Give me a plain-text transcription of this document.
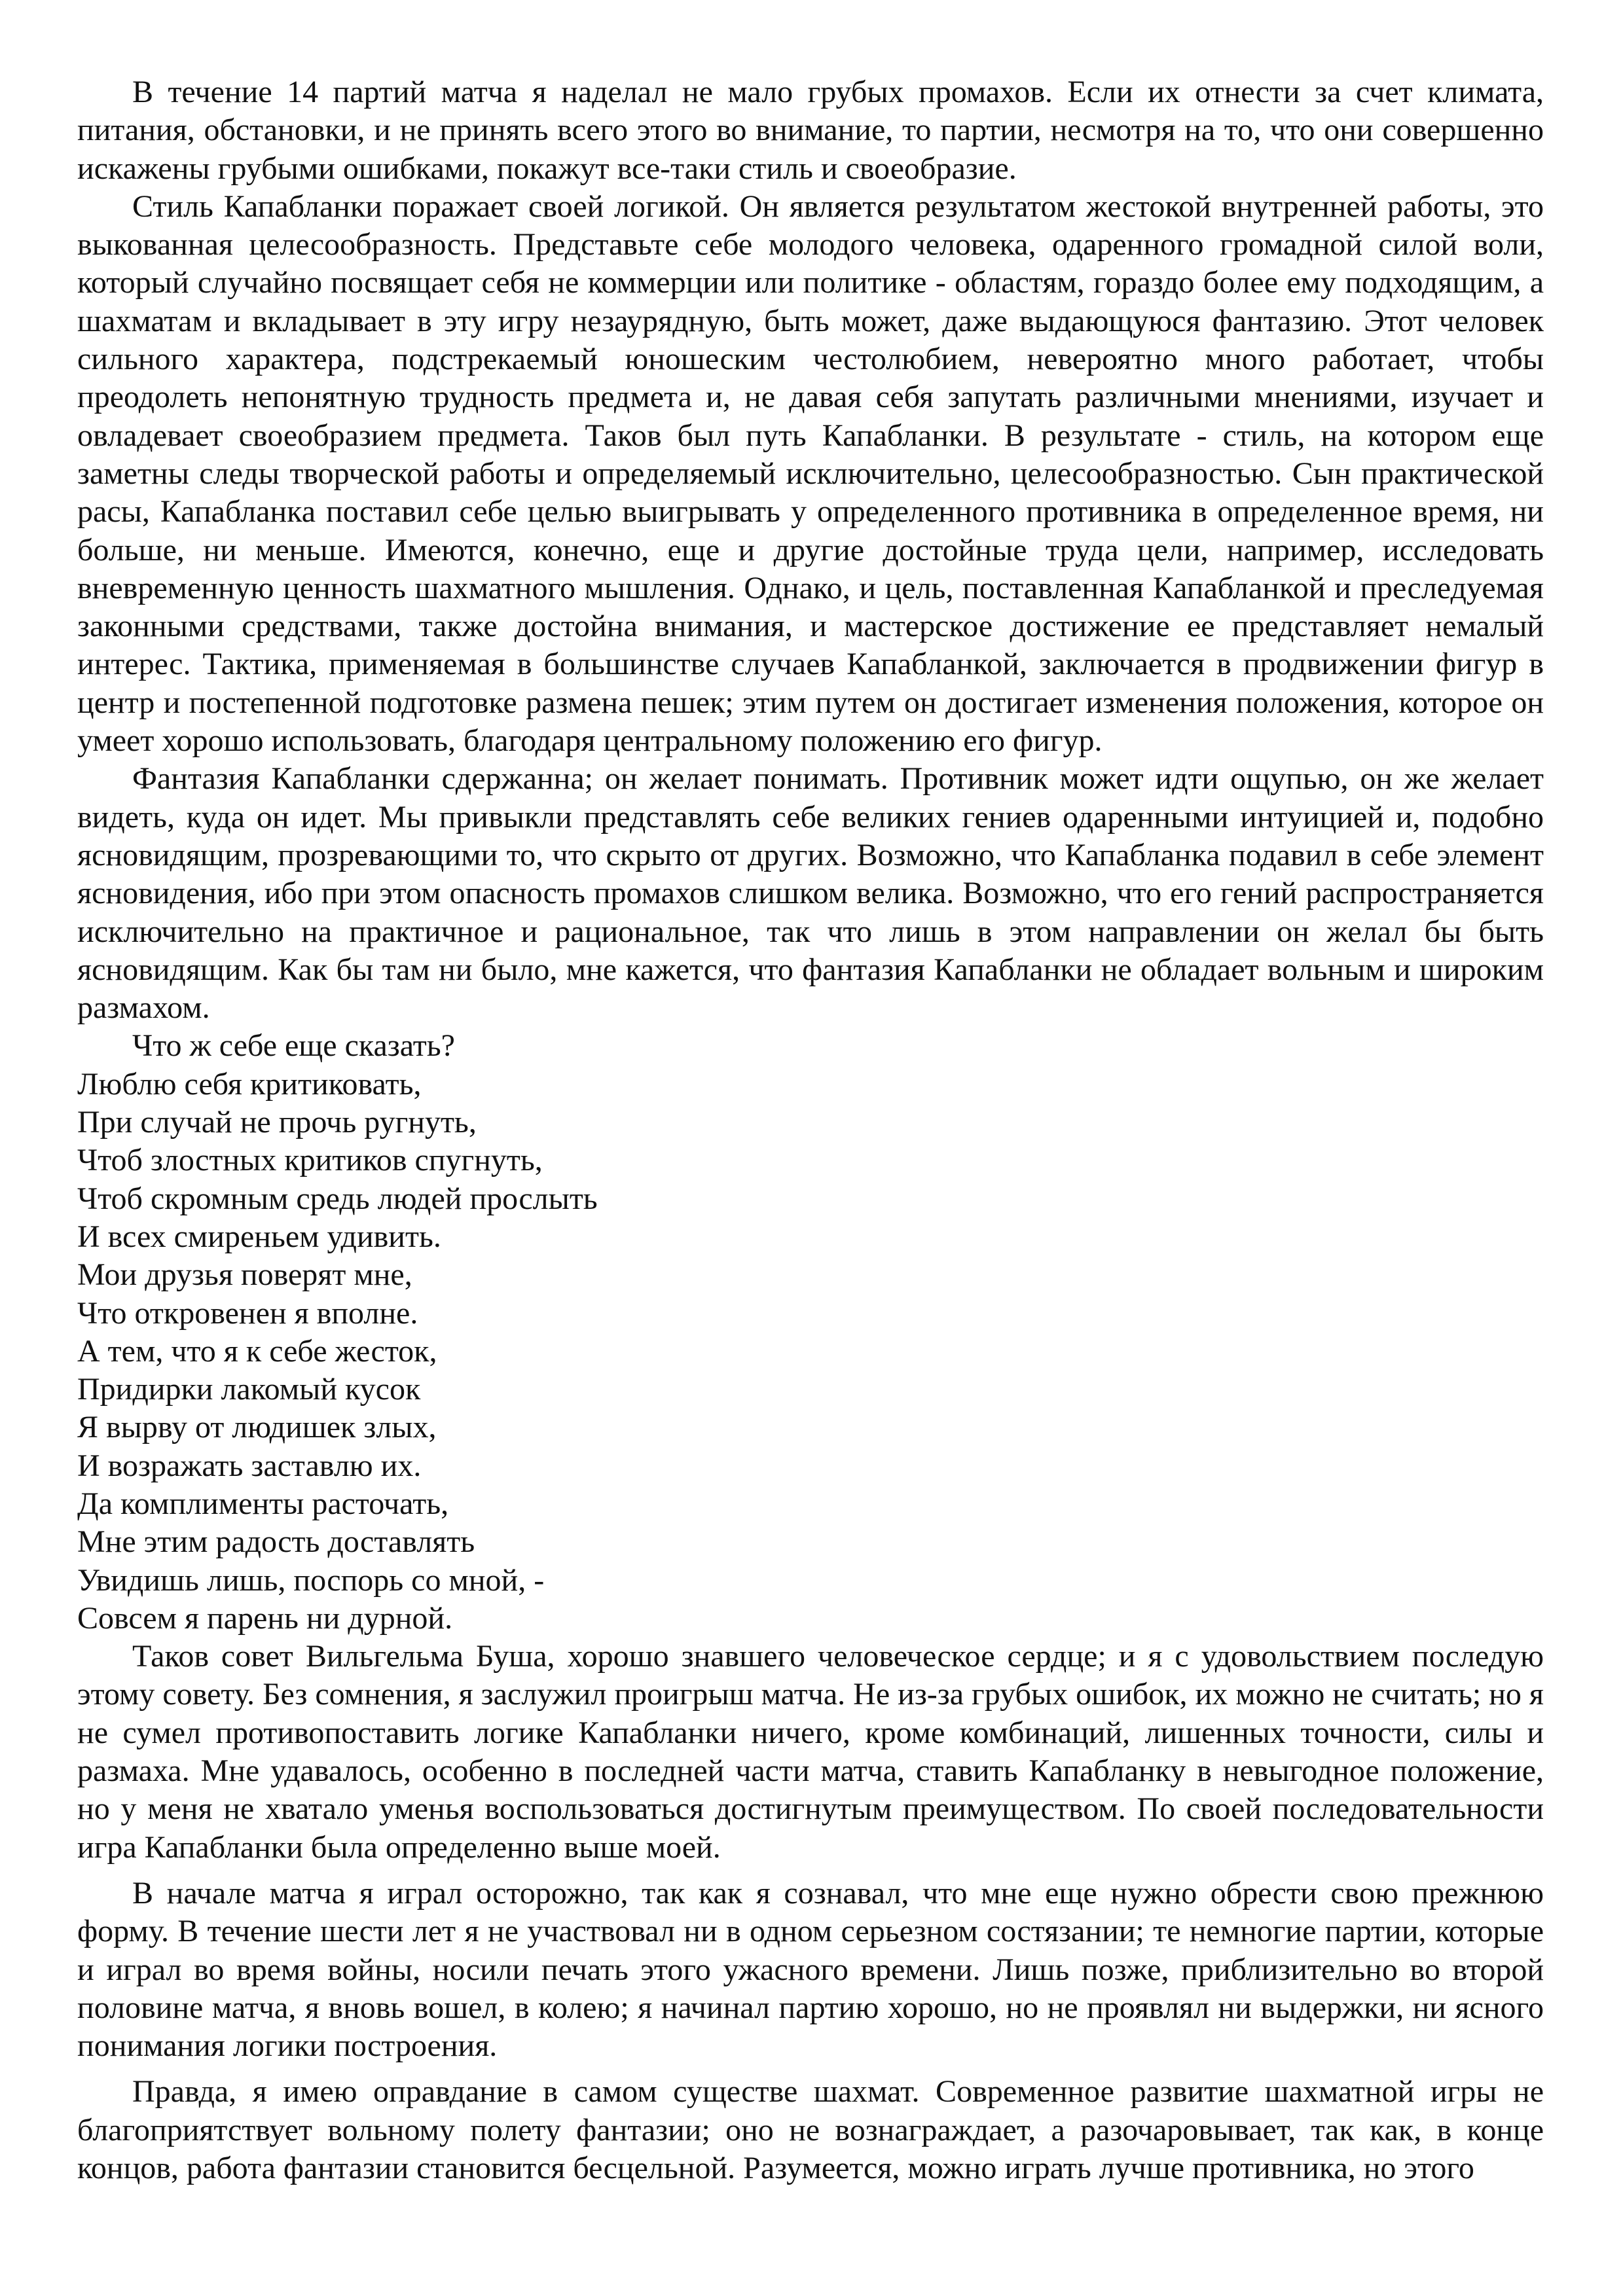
В течение 14 партий матча я наделал не мало грубых промахов. Если их отнести за счет климата, питания, обстановки, и не принять всего этого во внимание, то партии, несмотря на то, что они совершенно искажены грубыми ошибками, покажут все-таки стиль и своеобразие.

Стиль Капабланки поражает своей логикой. Он является результатом жестокой внутренней работы, это выкованная целесообразность. Представьте себе молодого человека, одаренного громадной силой воли, который случайно посвящает себя не коммерции или политике - областям, гораздо более ему подходящим, а шахматам и вкладывает в эту игру незаурядную, быть может, даже выдающуюся фантазию. Этот человек сильного характера, подстрекаемый юношеским честолюбием, невероятно много работает, чтобы преодолеть непонятную трудность предмета и, не давая себя запутать различными мнениями, изучает и овладевает своеобразием предмета. Таков был путь Капабланки. В результате - стиль, на котором еще заметны следы творческой работы и определяемый исключительно, целесообразностью. Сын практической расы, Капабланка поставил себе целью выигрывать у определенного противника в определенное время, ни больше, ни меньше. Имеются, конечно, еще и другие достойные труда цели, например, исследовать вневременную ценность шахматного мышления. Однако, и цель, поставленная Капабланкой и преследуемая законными средствами, также достойна внимания, и мастерское достижение ее представляет немалый интерес. Тактика, применяемая в большинстве случаев Капабланкой, заключается в продвижении фигур в центр и постепенной подготовке размена пешек; этим путем он достигает изменения положения, которое он умеет хорошо использовать, благодаря центральному положению его фигур.

Фантазия Капабланки сдержанна; он желает понимать. Противник может идти ощупью, он же желает видеть, куда он идет. Мы привыкли представлять себе великих гениев одаренными интуицией и, подобно ясновидящим, прозревающими то, что скрыто от других. Возможно, что Капабланка подавил в себе элемент ясновидения, ибо при этом опасность промахов слишком велика. Возможно, что его гений распространяется исключительно на практичное и рациональное, так что лишь в этом направлении он желал бы быть ясновидящим. Как бы там ни было, мне кажется, что фантазия Капабланки не обладает вольным и широким размахом.

Что ж себе еще сказать?

Люблю себя критиковать,
При случай не прочь ругнуть,
Чтоб злостных критиков спугнуть,
Чтоб скромным средь людей прослыть
И всех смиреньем удивить.
Мои друзья поверят мне,
Что откровенен я вполне.
А тем, что я к себе жесток,
Придирки лакомый кусок
Я вырву от людишек злых,
И возражать заставлю их.
Да комплименты расточать,
Мне этим радость доставлять
Увидишь лишь, поспорь со мной, -
Совсем я парень ни дурной.

Таков совет Вильгельма Буша, хорошо знавшего человеческое сердце; и я с удовольствием последую этому совету. Без сомнения, я заслужил проигрыш матча. Не из-за грубых ошибок, их можно не считать; но я не сумел противопоставить логике Капабланки ничего, кроме комбинаций, лишенных точности, силы и размаха. Мне удавалось, особенно в последней части матча, ставить Капабланку в невыгодное положение, но у меня не хватало уменья воспользоваться достигнутым преимуществом. По своей последовательности игра Капабланки была определенно выше моей.

В начале матча я играл осторожно, так как я сознавал, что мне еще нужно обрести свою прежнюю форму. В течение шести лет я не участвовал ни в одном серьезном состязании; те немногие партии, которые и играл во время войны, носили печать этого ужасного времени. Лишь позже, приблизительно во второй половине матча, я вновь вошел, в колею; я начинал партию хорошо, но не проявлял ни выдержки, ни ясного понимания логики построения.

Правда, я имею оправдание в самом существе шахмат. Современное развитие шахматной игры не благоприятствует вольному полету фантазии; оно не вознаграждает, а разочаровывает, так как, в конце концов, работа фантазии становится бесцельной. Разумеется, можно играть лучше противника, но этого
